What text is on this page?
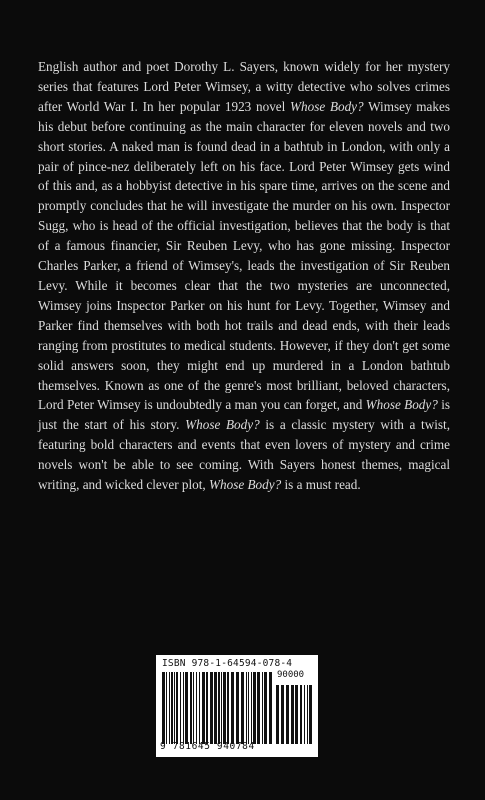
English author and poet Dorothy L. Sayers, known widely for her mystery series that features Lord Peter Wimsey, a witty detective who solves crimes after World War I. In her popular 1923 novel Whose Body? Wimsey makes his debut before continuing as the main character for eleven novels and two short stories. A naked man is found dead in a bathtub in London, with only a pair of pince-nez deliberately left on his face. Lord Peter Wimsey gets wind of this and, as a hobbyist detective in his spare time, arrives on the scene and promptly concludes that he will investigate the murder on his own. Inspector Sugg, who is head of the official investigation, believes that the body is that of a famous financier, Sir Reuben Levy, who has gone missing. Inspector Charles Parker, a friend of Wimsey's, leads the investigation of Sir Reuben Levy. While it becomes clear that the two mysteries are unconnected, Wimsey joins Inspector Parker on his hunt for Levy. Together, Wimsey and Parker find themselves with both hot trails and dead ends, with their leads ranging from prostitutes to medical students. However, if they don't get some solid answers soon, they might end up murdered in a London bathtub themselves. Known as one of the genre's most brilliant, beloved characters, Lord Peter Wimsey is undoubtedly a man you can forget, and Whose Body? is just the start of his story. Whose Body? is a classic mystery with a twist, featuring bold characters and events that even lovers of mystery and crime novels won't be able to see coming. With Sayers honest themes, magical writing, and wicked clever plot, Whose Body? is a must read.

ISBN 978-1-64594-078-4
90000
9 781645 940784
